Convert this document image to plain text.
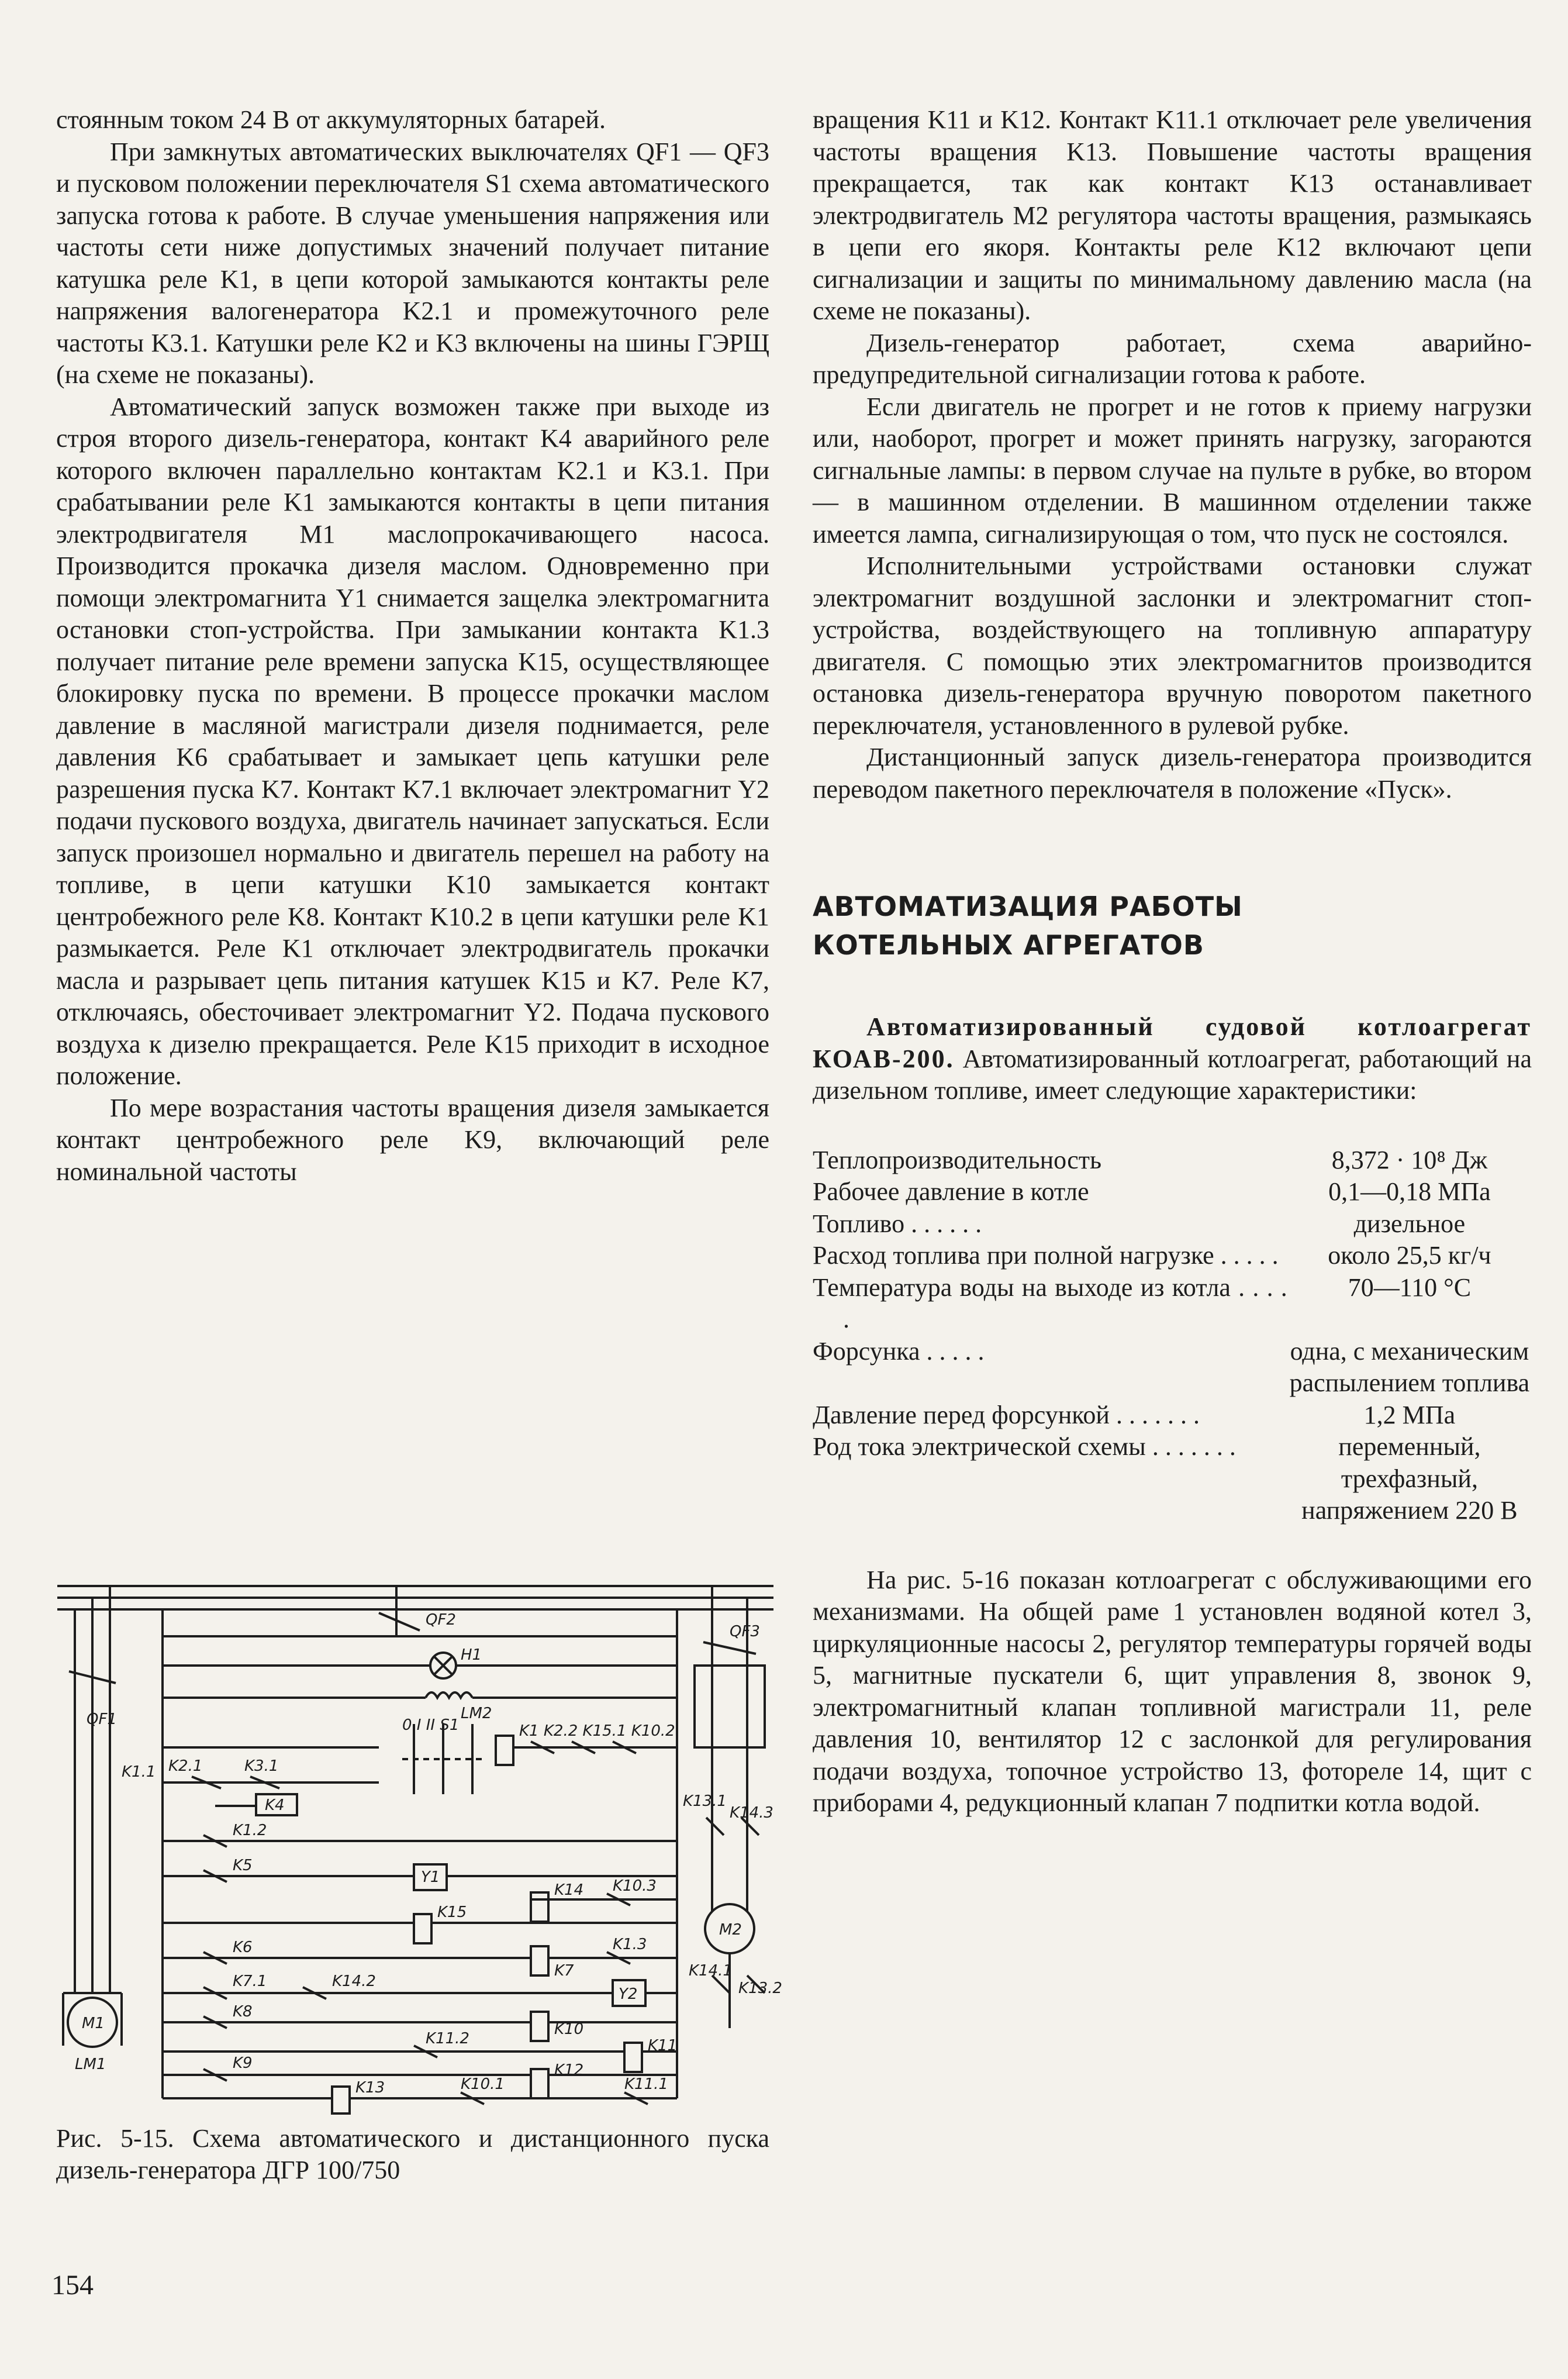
стоянным током 24 В от аккумуляторных батарей.

При замкнутых автоматических выключателях QF1 — QF3 и пусковом положении переключателя S1 схема автоматического запуска готова к работе. В случае уменьшения напряжения или частоты сети ниже допустимых значений получает питание катушка реле K1, в цепи которой замыкаются контакты реле напряжения валогенератора K2.1 и промежуточного реле частоты K3.1. Катушки реле K2 и K3 включены на шины ГЭРЩ (на схеме не показаны).

Автоматический запуск возможен также при выходе из строя второго дизель-генератора, контакт K4 аварийного реле которого включен параллельно контактам K2.1 и K3.1. При срабатывании реле K1 замыкаются контакты в цепи питания электродвигателя M1 маслопрокачивающего насоса. Производится прокачка дизеля маслом. Одновременно при помощи электромагнита Y1 снимается защелка электромагнита остановки стоп-устройства. При замыкании контакта K1.3 получает питание реле времени запуска K15, осуществляющее блокировку пуска по времени. В процессе прокачки маслом давление в масляной магистрали дизеля поднимается, реле давления K6 срабатывает и замыкает цепь катушки реле разрешения пуска K7. Контакт K7.1 включает электромагнит Y2 подачи пускового воздуха, двигатель начинает запускаться. Если запуск произошел нормально и двигатель перешел на работу на топливе, в цепи катушки K10 замыкается контакт центробежного реле K8. Контакт K10.2 в цепи катушки реле K1 размыкается. Реле K1 отключает электродвигатель прокачки масла и разрывает цепь питания катушек K15 и K7. Реле K7, отключаясь, обесточивает электромагнит Y2. Подача пускового воздуха к дизелю прекращается. Реле K15 приходит в исходное положение.

По мере возрастания частоты вращения дизеля замыкается контакт центробежного реле K9, включающий реле номинальной частоты

вращения K11 и K12. Контакт K11.1 отключает реле увеличения частоты вращения K13. Повышение частоты вращения прекращается, так как контакт K13 останавливает электродвигатель M2 регулятора частоты вращения, размыкаясь в цепи его якоря. Контакты реле K12 включают цепи сигнализации и защиты по минимальному давлению масла (на схеме не показаны).

Дизель-генератор работает, схема аварийно-предупредительной сигнализации готова к работе.

Если двигатель не прогрет и не готов к приему нагрузки или, наоборот, прогрет и может принять нагрузку, загораются сигнальные лампы: в первом случае на пульте в рубке, во втором — в машинном отделении. В машинном отделении также имеется лампа, сигнализирующая о том, что пуск не состоялся.

Исполнительными устройствами остановки служат электромагнит воздушной заслонки и электромагнит стоп-устройства, воздействующего на топливную аппаратуру двигателя. С помощью этих электромагнитов производится остановка дизель-генератора вручную поворотом пакетного переключателя, установленного в рулевой рубке.

Дистанционный запуск дизель-генератора производится переводом пакетного переключателя в положение «Пуск».

АВТОМАТИЗАЦИЯ РАБОТЫ
КОТЕЛЬНЫХ АГРЕГАТОВ

Автоматизированный судовой котлоагрегат КОАВ-200. Автоматизированный котлоагрегат, работающий на дизельном топливе, имеет следующие характеристики:

Теплопроизводительность	8,372 · 10⁸ Дж
Рабочее давление в котле	0,1—0,18 МПа
Топливо . . . . . .	дизельное
Расход топлива при полной нагрузке . . . . .	около 25,5 кг/ч
Температура воды на выходе из котла . . . . .	70—110 °С
Форсунка . . . . .	одна, с механическим распылением топлива
Давление перед форсункой . . . . . . .	1,2 МПа
Род тока электрической схемы . . . . . . .	переменный, трехфазный, напряжением 220 В

На рис. 5-16 показан котлоагрегат с обслуживающими его механизмами. На общей раме 1 установлен водяной котел 3, циркуляционные насосы 2, регулятор температуры горячей воды 5, магнитные пускатели 6, щит управления 8, звонок 9, электромагнитный клапан топливной магистрали 11, реле давления 10, вентилятор 12 с заслонкой для регулирования подачи воздуха, топочное устройство 13, фотореле 14, щит с приборами 4, редукционный клапан 7 подпитки котла водой.

QF1
QF2
QF3
H1
LM2
0 I II S1	K1 K2.2 K15.1 K10.2
K2.1	K3.1
K4
K1.1
K1.2
K5
Y1
K14 K10.3
K15
K6
K7
K1.3
K7.1	K14.2
Y2
K8
K10
K11.2	K11
K9	K12
K13	K10.1	K11.1
K13.1
K14.3
K14.1
K13.2
M1
M2
LM1
Рис. 5-15. Схема автоматического и дистанционного пуска дизель-генератора ДГР 100/750
154
